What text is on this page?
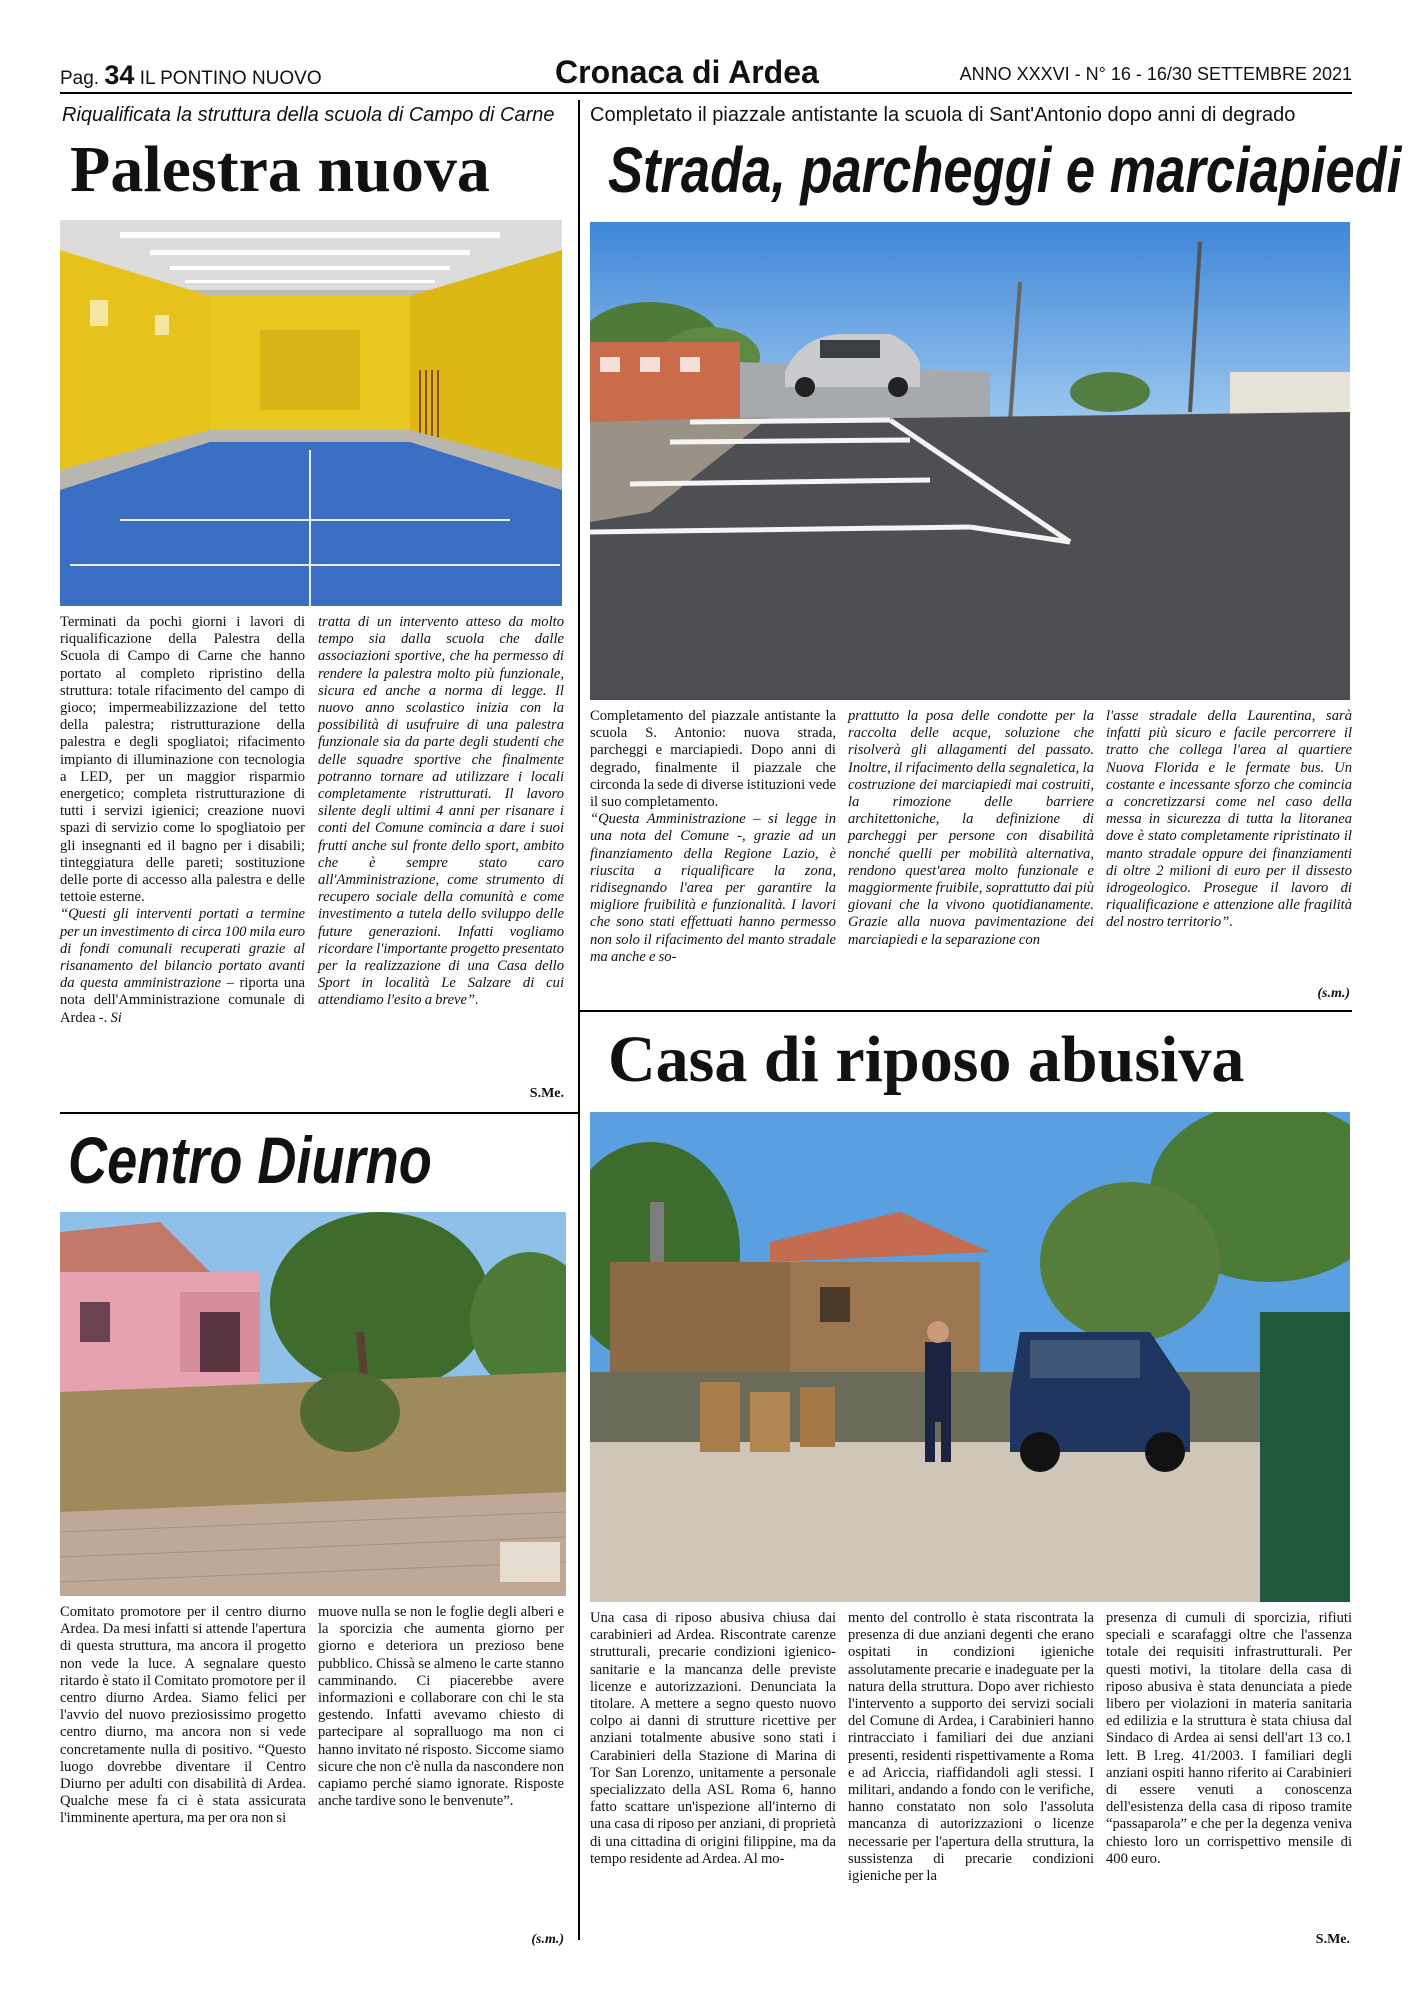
Pag. 34 IL PONTINO NUOVO	Cronaca di Ardea	ANNO XXXVI - N° 16 - 16/30 SETTEMBRE 2021
Riqualificata la struttura della scuola di Campo di Carne
Palestra nuova

Terminati da pochi giorni i lavori di riqualificazione della Palestra della Scuola di Campo di Carne che hanno portato al completo ripristino della struttura: totale rifacimento del campo di gioco; impermeabilizzazione del tetto della palestra; ristrutturazione della palestra e degli spogliatoi; rifacimento impianto di illuminazione con tecnologia a LED, per un maggior risparmio energetico; completa ristrutturazione di tutti i servizi igienici; creazione nuovi spazi di servizio come lo spogliatoio per gli insegnanti ed il bagno per i disabili; tinteggiatura delle pareti; sostituzione delle porte di accesso alla palestra e delle tettoie esterne.

“Questi gli interventi portati a termine per un investimento di circa 100 mila euro di fondi comunali recuperati grazie al risanamento del bilancio portato avanti da questa amministrazione – riporta una nota dell'Amministrazione comunale di Ardea -. Si

tratta di un intervento atteso da molto tempo sia dalla scuola che dalle associazioni sportive, che ha permesso di rendere la palestra molto più funzionale, sicura ed anche a norma di legge. Il nuovo anno scolastico inizia con la possibilità di usufruire di una palestra funzionale sia da parte degli studenti che delle squadre sportive che finalmente potranno tornare ad utilizzare i locali completamente ristrutturati. Il lavoro silente degli ultimi 4 anni per risanare i conti del Comune comincia a dare i suoi frutti anche sul fronte dello sport, ambito che è sempre stato caro all'Amministrazione, come strumento di recupero sociale della comunità e come investimento a tutela dello sviluppo delle future generazioni. Infatti vogliamo ricordare l'importante progetto presentato per la realizzazione di una Casa dello Sport in località Le Salzare di cui attendiamo l'esito a breve”.

S.Me.
Completato il piazzale antistante la scuola di Sant'Antonio dopo anni di degrado
Strada, parcheggi e marciapiedi

Completamento del piazzale antistante la scuola S. Antonio: nuova strada, parcheggi e marciapiedi. Dopo anni di degrado, finalmente il piazzale che circonda la sede di diverse istituzioni vede il suo completamento.

“Questa Amministrazione – si legge in una nota del Comune -, grazie ad un finanziamento della Regione Lazio, è riuscita a riqualificare la zona, ridisegnando l'area per garantire la migliore fruibilità e funzionalità. I lavori che sono stati effettuati hanno permesso non solo il rifacimento del manto stradale ma anche e so-

prattutto la posa delle condotte per la raccolta delle acque, soluzione che risolverà gli allagamenti del passato. Inoltre, il rifacimento della segnaletica, la costruzione dei marciapiedi mai costruiti, la rimozione delle barriere architettoniche, la definizione di parcheggi per persone con disabilità nonché quelli per mobilità alternativa, rendono quest'area molto funzionale e maggiormente fruibile, soprattutto dai più giovani che la vivono quotidianamente. Grazie alla nuova pavimentazione dei marciapiedi e la separazione con

l'asse stradale della Laurentina, sarà infatti più sicuro e facile percorrere il tratto che collega l'area al quartiere Nuova Florida e le fermate bus. Un costante e incessante sforzo che comincia a concretizzarsi come nel caso della messa in sicurezza di tutta la litoranea dove è stato completamente ripristinato il manto stradale oppure dei finanziamenti di oltre 2 milioni di euro per il dissesto idrogeologico. Prosegue il lavoro di riqualificazione e attenzione alle fragilità del nostro territorio”.

(s.m.)
Casa di riposo abusiva

Una casa di riposo abusiva chiusa dai carabinieri ad Ardea. Riscontrate carenze strutturali, precarie condizioni igienico-sanitarie e la mancanza delle previste licenze e autorizzazioni. Denunciata la titolare. A mettere a segno questo nuovo colpo ai danni di strutture ricettive per anziani totalmente abusive sono stati i Carabinieri della Stazione di Marina di Tor San Lorenzo, unitamente a personale specializzato della ASL Roma 6, hanno fatto scattare un'ispezione all'interno di una casa di riposo per anziani, di proprietà di una cittadina di origini filippine, ma da tempo residente ad Ardea. Al mo-

mento del controllo è stata riscontrata la presenza di due anziani degenti che erano ospitati in condizioni igieniche assolutamente precarie e inadeguate per la natura della struttura. Dopo aver richiesto l'intervento a supporto dei servizi sociali del Comune di Ardea, i Carabinieri hanno rintracciato i familiari dei due anziani presenti, residenti rispettivamente a Roma e ad Ariccia, riaffidandoli agli stessi. I militari, andando a fondo con le verifiche, hanno constatato non solo l'assoluta mancanza di autorizzazioni o licenze necessarie per l'apertura della struttura, la sussistenza di precarie condizioni igieniche per la

presenza di cumuli di sporcizia, rifiuti speciali e scarafaggi oltre che l'assenza totale dei requisiti infrastrutturali. Per questi motivi, la titolare della casa di riposo abusiva è stata denunciata a piede libero per violazioni in materia sanitaria ed edilizia e la struttura è stata chiusa dal Sindaco di Ardea ai sensi dell'art 13 co.1 lett. B l.reg. 41/2003. I familiari degli anziani ospiti hanno riferito ai Carabinieri di essere venuti a conoscenza dell'esistenza della casa di riposo tramite “passaparola” e che per la degenza veniva chiesto loro un corrispettivo mensile di 400 euro.

S.Me.
Centro Diurno

Comitato promotore per il centro diurno Ardea. Da mesi infatti si attende l'apertura di questa struttura, ma ancora il progetto non vede la luce. A segnalare questo ritardo è stato il Comitato promotore per il centro diurno Ardea. Siamo felici per l'avvio del nuovo preziosissimo progetto centro diurno, ma ancora non si vede concretamente nulla di positivo. “Questo luogo dovrebbe diventare il Centro Diurno per adulti con disabilità di Ardea. Qualche mese fa ci è stata assicurata l'imminente apertura, ma per ora non si

muove nulla se non le foglie degli alberi e la sporcizia che aumenta giorno per giorno e deteriora un prezioso bene pubblico. Chissà se almeno le carte stanno camminando. Ci piacerebbe avere informazioni e collaborare con chi le sta gestendo. Infatti avevamo chiesto di partecipare al sopralluogo ma non ci hanno invitato né risposto. Siccome siamo sicure che non c'è nulla da nascondere non capiamo perché siamo ignorate. Risposte anche tardive sono le benvenute”.

(s.m.)
